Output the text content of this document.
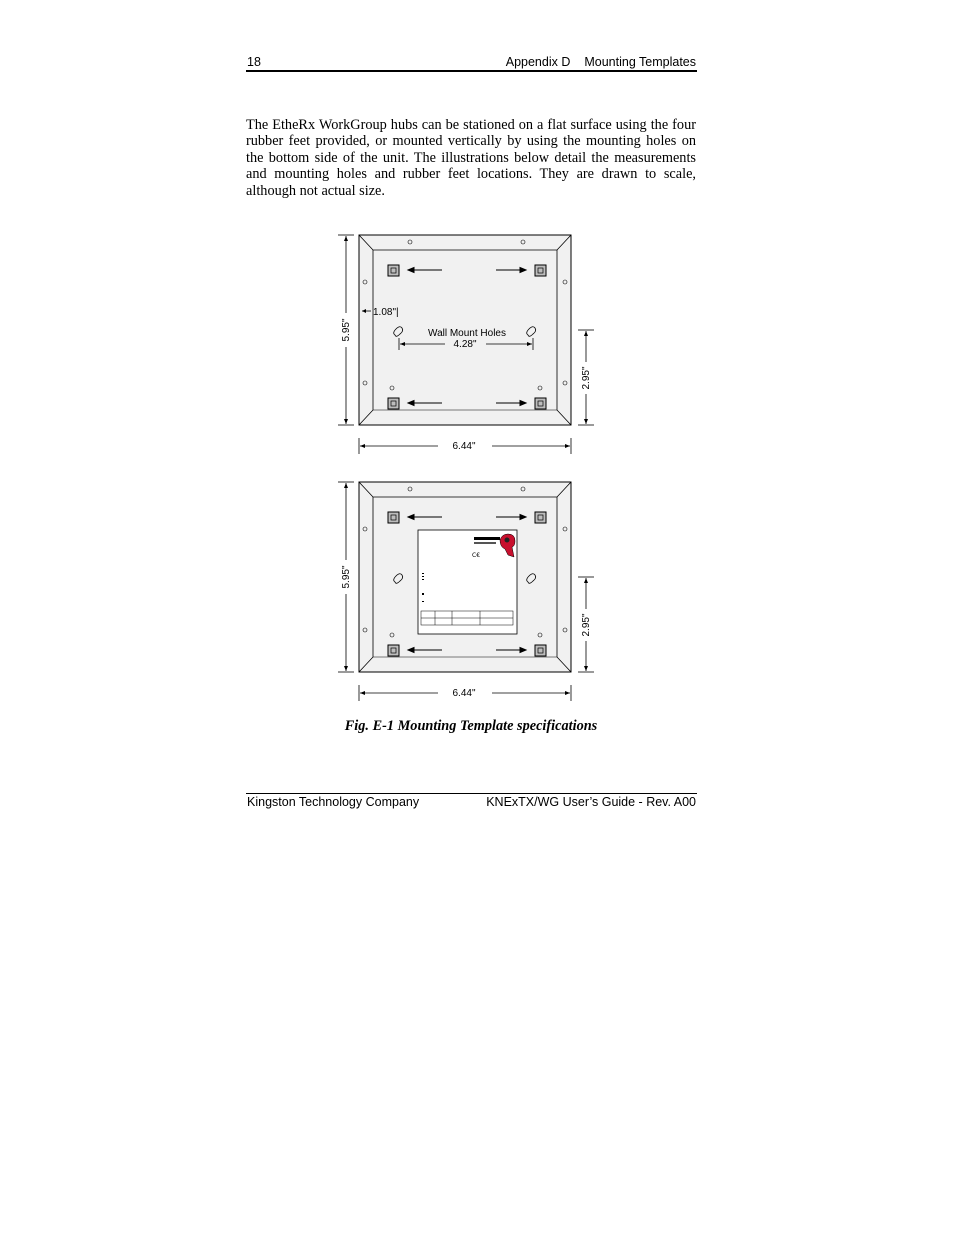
18	Appendix D Mounting Templates
The EtheRx WorkGroup hubs can be stationed on a flat surface using the four rubber feet provided, or mounted vertically by using the mounting holes on the bottom side of the unit. The illustrations below detail the measurements and mounting holes and rubber feet locations. They are drawn to scale, although not actual size.
1.08"|
Wall Mount Holes
4.28"
5.95"
2.95"
6.44"
C€
5.95"
2.95"
6.44"
Fig. E-1 Mounting Template specifications
Kingston Technology Company	KNExTX/WG User’s Guide - Rev. A00
